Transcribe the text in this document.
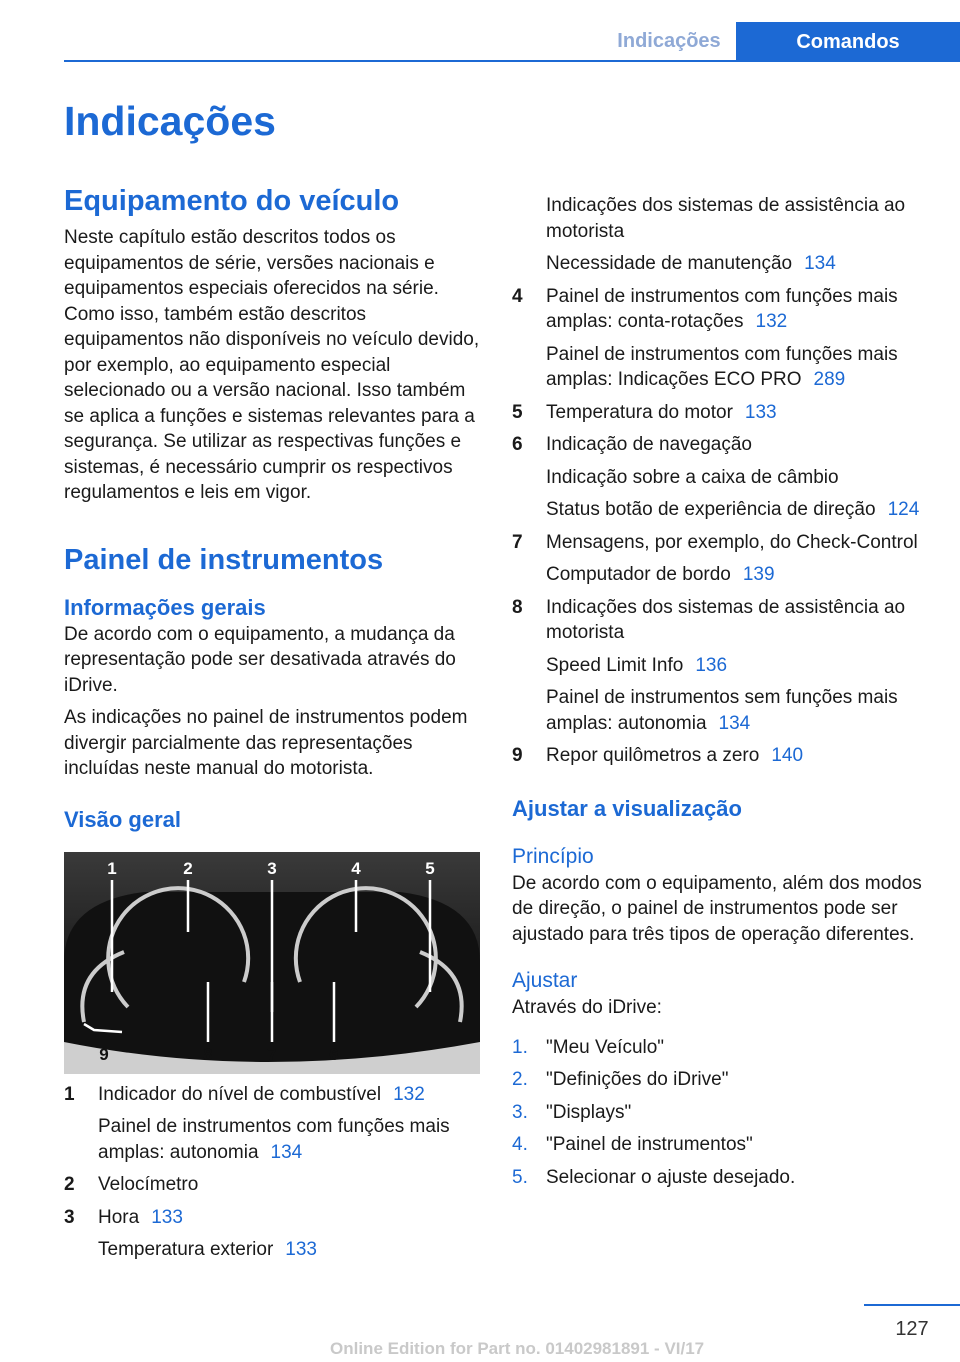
Indicações	Comandos
Indicações
Equipamento do veículo

Neste capítulo estão descritos todos os equipamentos de série, versões nacionais e equipamentos especiais oferecidos na série. Como isso, também estão descritos equipamentos não disponíveis no veículo devido, por exemplo, ao equipamento especial selecionado ou a versão nacional. Isso também se aplica a funções e sistemas relevantes para a segurança. Se utilizar as respectivas funções e sistemas, é necessário cumprir os respectivos regulamentos e leis em vigor.

Painel de instrumentos
Informações gerais

De acordo com o equipamento, a mudança da representação pode ser desativada através do iDrive.

As indicações no painel de instrumentos podem divergir parcialmente das representações incluídas neste manual do motorista.

Visão geral
1	2	3	4	5
9	8	7	6
1	Indicador do nível de combustível 132
Painel de instrumentos com funções mais amplas: autonomia 134
2	Velocímetro
3	Hora 133
Temperatura exterior 133
Indicações dos sistemas de assistência ao motorista
Necessidade de manutenção 134
4	Painel de instrumentos com funções mais amplas: conta-rotações 132
Painel de instrumentos com funções mais amplas: Indicações ECO PRO 289
5	Temperatura do motor 133
6	Indicação de navegação
Indicação sobre a caixa de câmbio
Status botão de experiência de direção 124
7	Mensagens, por exemplo, do Check-Control
Computador de bordo 139
8	Indicações dos sistemas de assistência ao motorista
Speed Limit Info 136
Painel de instrumentos sem funções mais amplas: autonomia 134
9	Repor quilômetros a zero 140
Ajustar a visualização
Princípio

De acordo com o equipamento, além dos modos de direção, o painel de instrumentos pode ser ajustado para três tipos de operação diferentes.

Ajustar

Através do iDrive:

1. "Meu Veículo"
2. "Definições do iDrive"
3. "Displays"
4. "Painel de instrumentos"
5. Selecionar o ajuste desejado.
127
Online Edition for Part no. 01402981891 - VI/17
